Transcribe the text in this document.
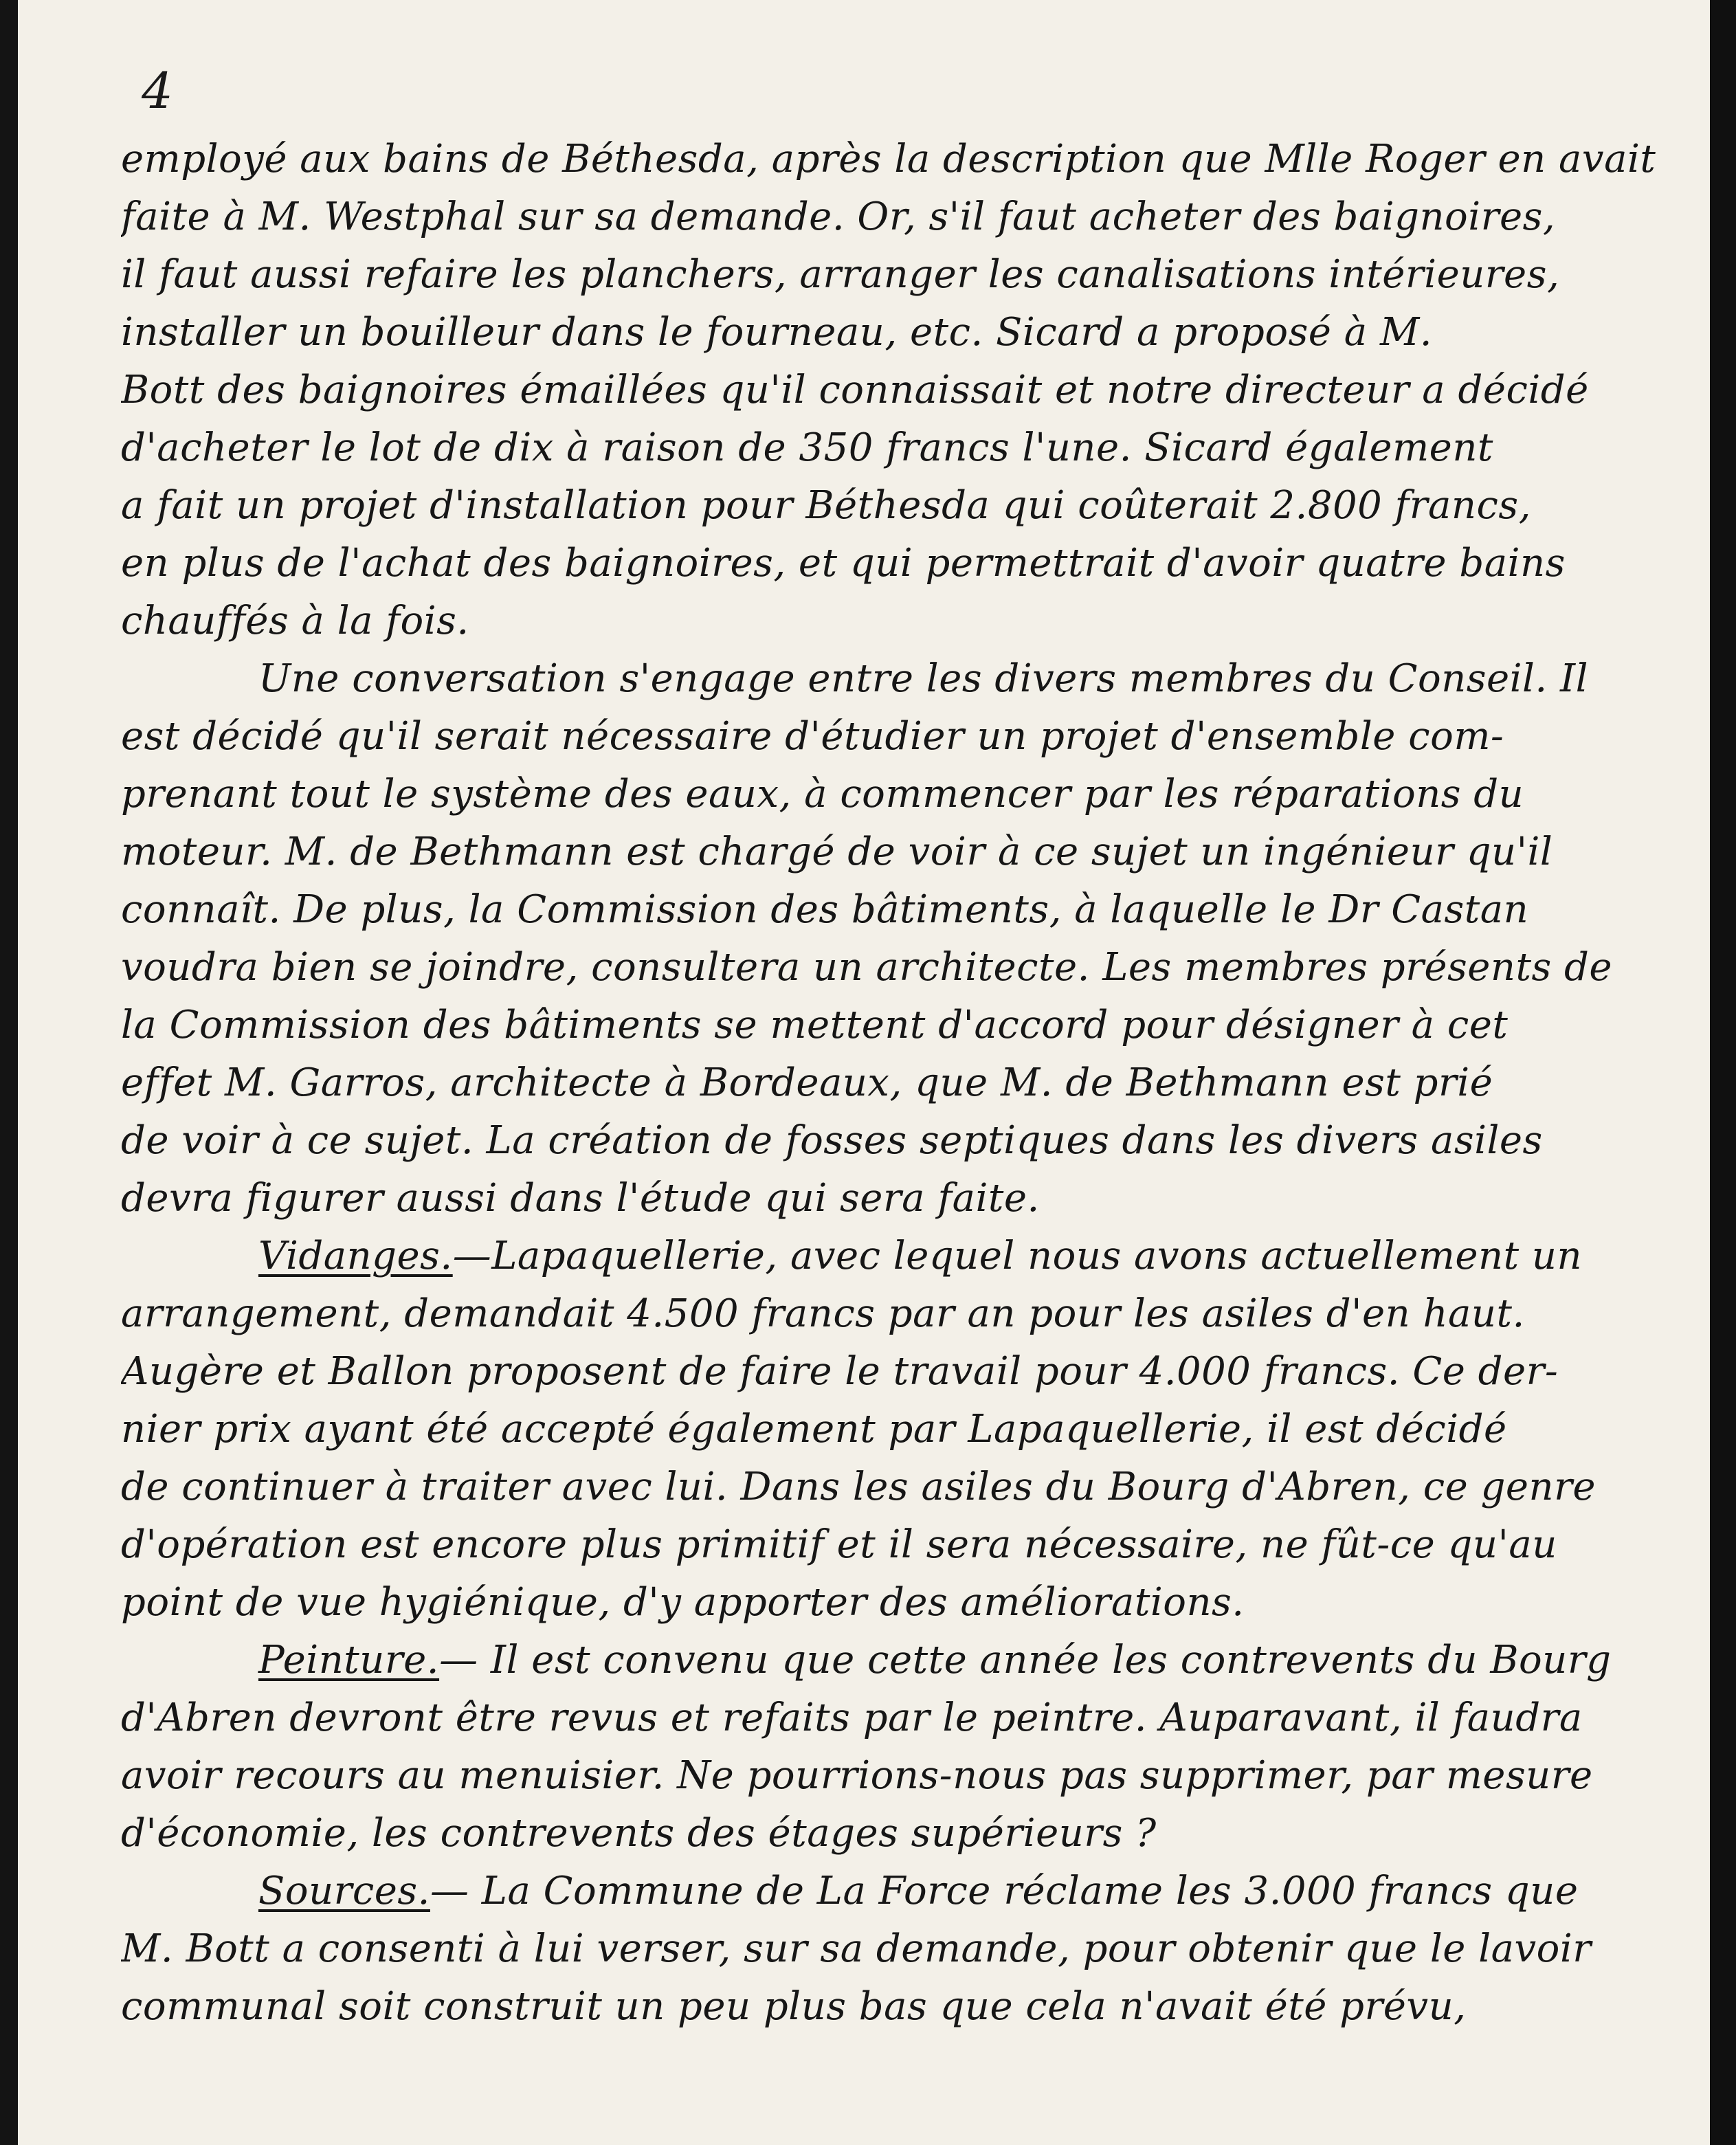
4
employé aux bains de Béthesda, après la description que Mlle Roger en avait
faite à M. Westphal sur sa demande. Or, s'il faut acheter des baignoires,
il faut aussi refaire les planchers, arranger les canalisations intérieures,
installer un bouilleur dans le fourneau, etc. Sicard a proposé à M.
Bott des baignoires émaillées qu'il connaissait et notre directeur a décidé
d'acheter le lot de dix à raison de 350 francs l'une. Sicard également
a fait un projet d'installation pour Béthesda qui coûterait 2.800 francs,
en plus de l'achat des baignoires, et qui permettrait d'avoir quatre bains
chauffés à la fois.
Une conversation s'engage entre les divers membres du Conseil. Il
est décidé qu'il serait nécessaire d'étudier un projet d'ensemble com-
prenant tout le système des eaux, à commencer par les réparations du
moteur. M. de Bethmann est chargé de voir à ce sujet un ingénieur qu'il
connaît. De plus, la Commission des bâtiments, à laquelle le Dr Castan
voudra bien se joindre, consultera un architecte. Les membres présents de
la Commission des bâtiments se mettent d'accord pour désigner à cet
effet M. Garros, architecte à Bordeaux, que M. de Bethmann est prié
de voir à ce sujet. La création de fosses septiques dans les divers asiles
devra figurer aussi dans l'étude qui sera faite.
Vidanges.—Lapaquellerie, avec lequel nous avons actuellement un
arrangement, demandait 4.500 francs par an pour les asiles d'en haut.
Augère et Ballon proposent de faire le travail pour 4.000 francs. Ce der-
nier prix ayant été accepté également par Lapaquellerie, il est décidé
de continuer à traiter avec lui. Dans les asiles du Bourg d'Abren, ce genre
d'opération est encore plus primitif et il sera nécessaire, ne fût-ce qu'au
point de vue hygiénique, d'y apporter des améliorations.
Peinture.— Il est convenu que cette année les contrevents du Bourg
d'Abren devront être revus et refaits par le peintre. Auparavant, il faudra
avoir recours au menuisier. Ne pourrions-nous pas supprimer, par mesure
d'économie, les contrevents des étages supérieurs ?
Sources.— La Commune de La Force réclame les 3.000 francs que
M. Bott a consenti à lui verser, sur sa demande, pour obtenir que le lavoir
communal soit construit un peu plus bas que cela n'avait été prévu,
